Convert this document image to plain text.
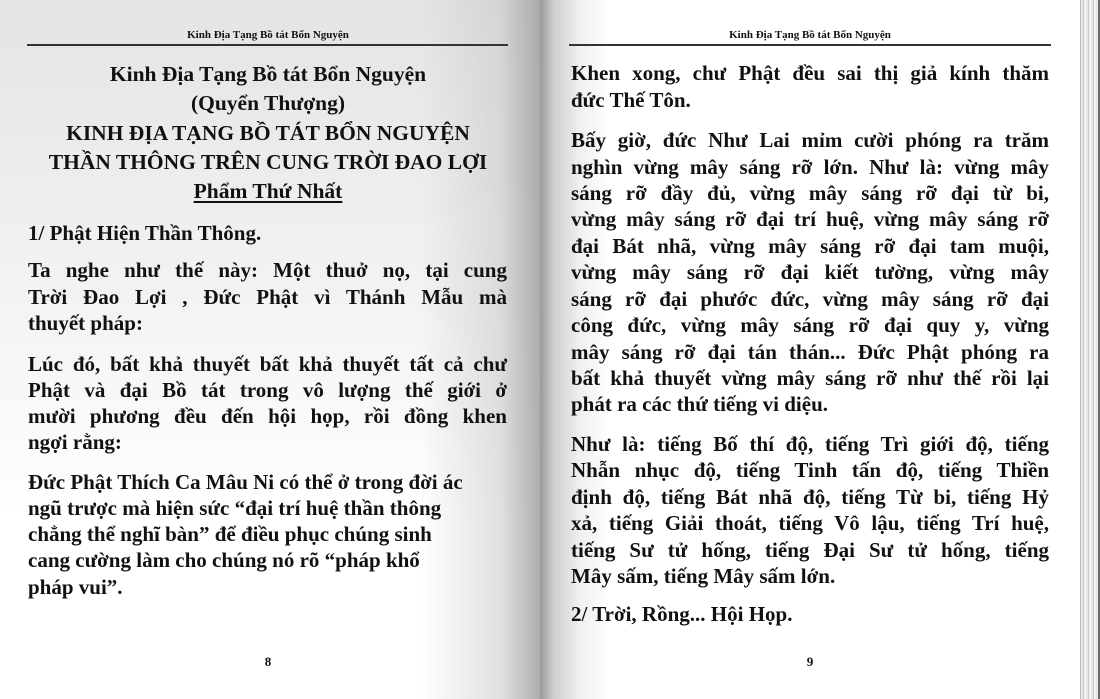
Kinh Địa Tạng Bồ tát Bổn Nguyện
Kinh Địa Tạng Bồ tát Bổn Nguyện
(Quyển Thượng)
KINH ĐỊA TẠNG BỒ TÁT BỔN NGUYỆN
THẦN THÔNG TRÊN CUNG TRỜI ĐAO LỢI
Phẩm Thứ Nhất
1/ Phật Hiện Thần Thông.
Ta nghe như thế này: Một thuở nọ, tại cung
Trời Đao Lợi , Đức Phật vì Thánh Mẫu mà
thuyết pháp:
Lúc đó, bất khả thuyết bất khả thuyết tất cả chư
Phật và đại Bồ tát trong vô lượng thế giới ở
mười phương đều đến hội họp, rồi đồng khen
ngợi rằng:
Đức Phật Thích Ca Mâu Ni có thể ở trong đời ác
ngũ trược mà hiện sức “đại trí huệ thần thông
chẳng thể nghĩ bàn” để điều phục chúng sinh
cang cường làm cho chúng nó rõ “pháp khổ
pháp vui”.
8
Kinh Địa Tạng Bồ tát Bổn Nguyện
Khen xong, chư Phật đều sai thị giả kính thăm
đức Thế Tôn.
Bấy giờ, đức Như Lai mỉm cười phóng ra trăm
nghìn vừng mây sáng rỡ lớn. Như là: vừng mây
sáng rỡ đầy đủ, vừng mây sáng rỡ đại từ bi,
vừng mây sáng rỡ đại trí huệ, vừng mây sáng rỡ
đại Bát nhã, vừng mây sáng rỡ đại tam muội,
vừng mây sáng rỡ đại kiết tường, vừng mây
sáng rỡ đại phước đức, vừng mây sáng rỡ đại
công đức, vừng mây sáng rỡ đại quy y, vừng
mây sáng rỡ đại tán thán... Đức Phật phóng ra
bất khả thuyết vừng mây sáng rỡ như thế rồi lại
phát ra các thứ tiếng vi diệu.
Như là: tiếng Bố thí độ, tiếng Trì giới độ, tiếng
Nhẫn nhục độ, tiếng Tinh tấn độ, tiếng Thiền
định độ, tiếng Bát nhã độ, tiếng Từ bi, tiếng Hỷ
xả, tiếng Giải thoát, tiếng Vô lậu, tiếng Trí huệ,
tiếng Sư tử hống, tiếng Đại Sư tử hống, tiếng
Mây sấm, tiếng Mây sấm lớn.
2/ Trời, Rồng... Hội Họp.
9
